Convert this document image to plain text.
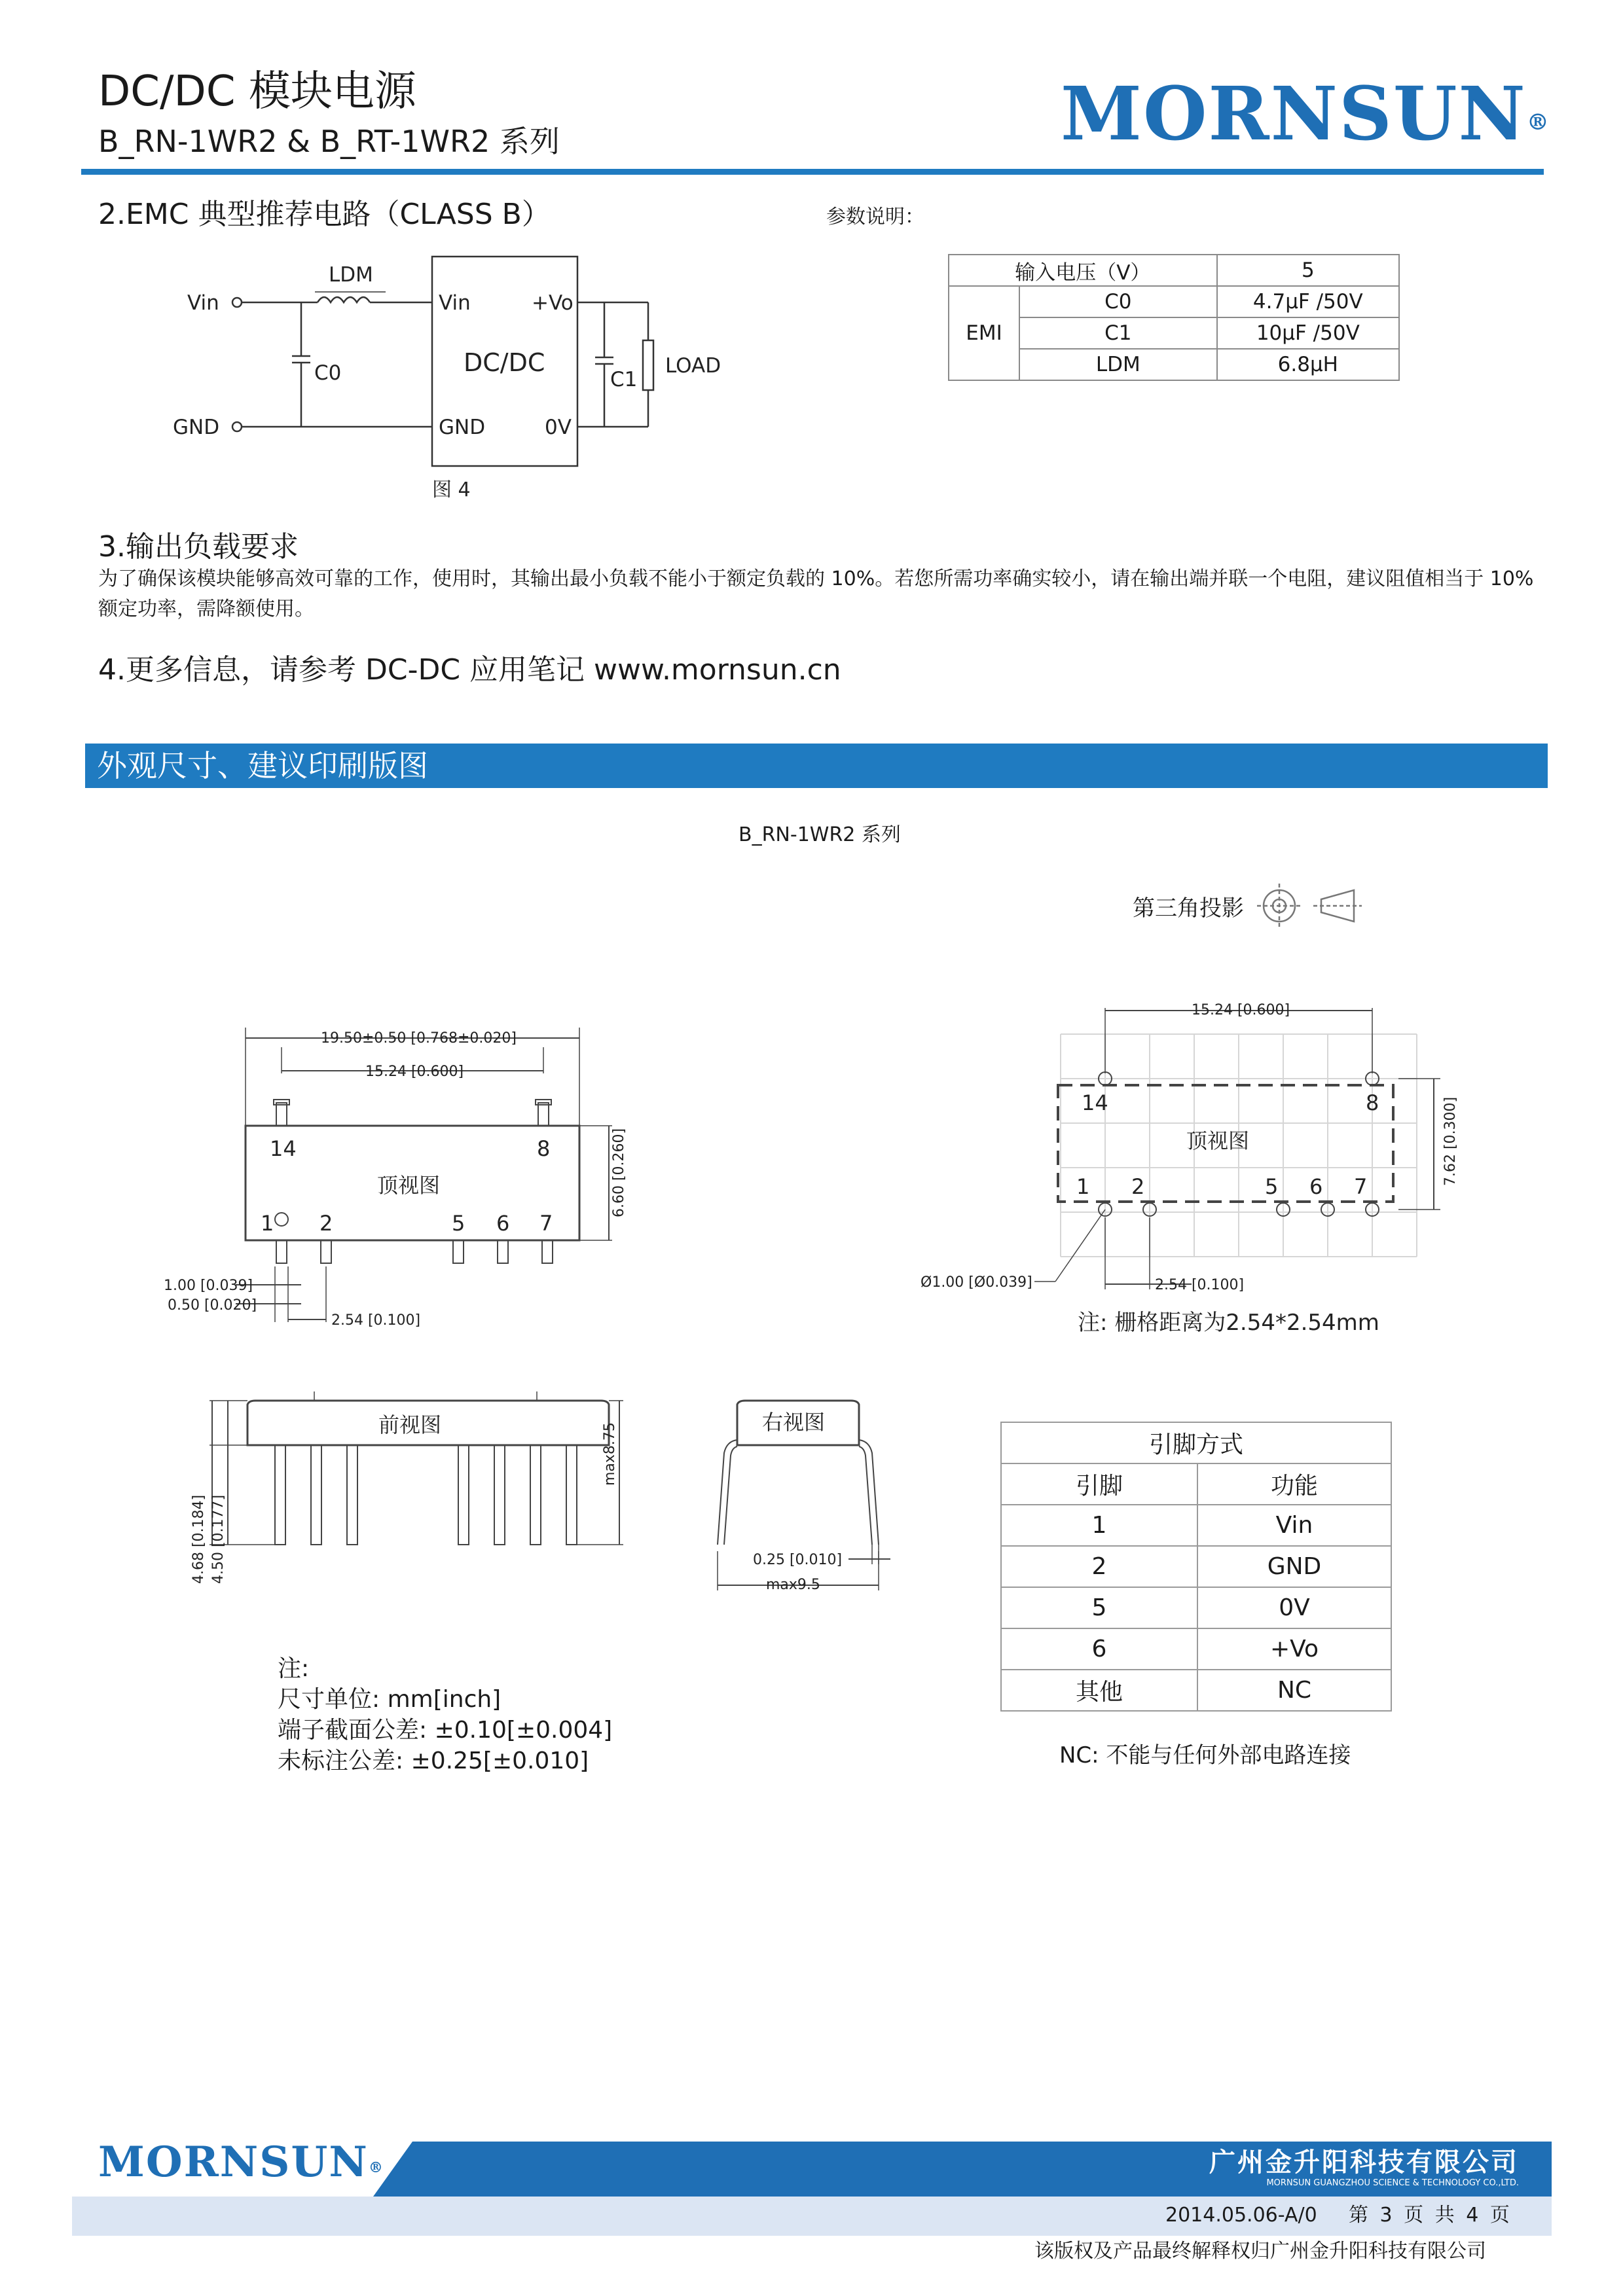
DC/DC 模块电源
B_RN-1WR2 & B_RT-1WR2 系列	MORNSUN®
2.EMC 典型推荐电路（CLASS B）	参数说明：
Vin
GND
LDM
C0	C1
LOAD
Vin	+Vo
DC/DC
GND	0V
图 4
输入电压（V）		5
EMI	C0	4.7µF /50V
	C1	10µF /50V
	LDM	6.8µH
3.输出负载要求
为了确保该模块能够高效可靠的工作，使用时，其输出最小负载不能小于额定负载的 10%。若您所需功率确实较小，请在输出端并联一个电阻，建议阻值相当于 10%额定功率，需降额使用。
4.更多信息，请参考 DC-DC 应用笔记 www.mornsun.cn
外观尺寸、建议印刷版图
B_RN-1WR2 系列
第三角投影
19.50±0.50 [0.768±0.020]
15.24 [0.600]
顶视图
14	8
1 2	5 6 7
6.60 [0.260]
1.00 [0.039]
0.50 [0.020]
2.54 [0.100]
15.24 [0.600]
7.62 [0.300]
顶视图
14	8
1 2	5 6 7
Ø1.00 [Ø0.039]	2.54 [0.100]
注: 栅格距离为2.54*2.54mm
前视图	max8.75
4.68 [0.184] 4.50 [0.177]
右视图
0.25 [0.010]
max9.5
注:
尺寸单位: mm[inch]
端子截面公差: ±0.10[±0.004]
未标注公差: ±0.25[±0.010]
引脚方式	
引脚	功能
1	Vin
2	GND
5	0V
6	+Vo
其他	NC
NC: 不能与任何外部电路连接
MORNSUN®	广州金升阳科技有限公司
MORNSUN GUANGZHOU SCIENCE & TECHNOLOGY CO.,LTD.
2014.05.06-A/0 第 3 页 共 4 页
该版权及产品最终解释权归广州金升阳科技有限公司
